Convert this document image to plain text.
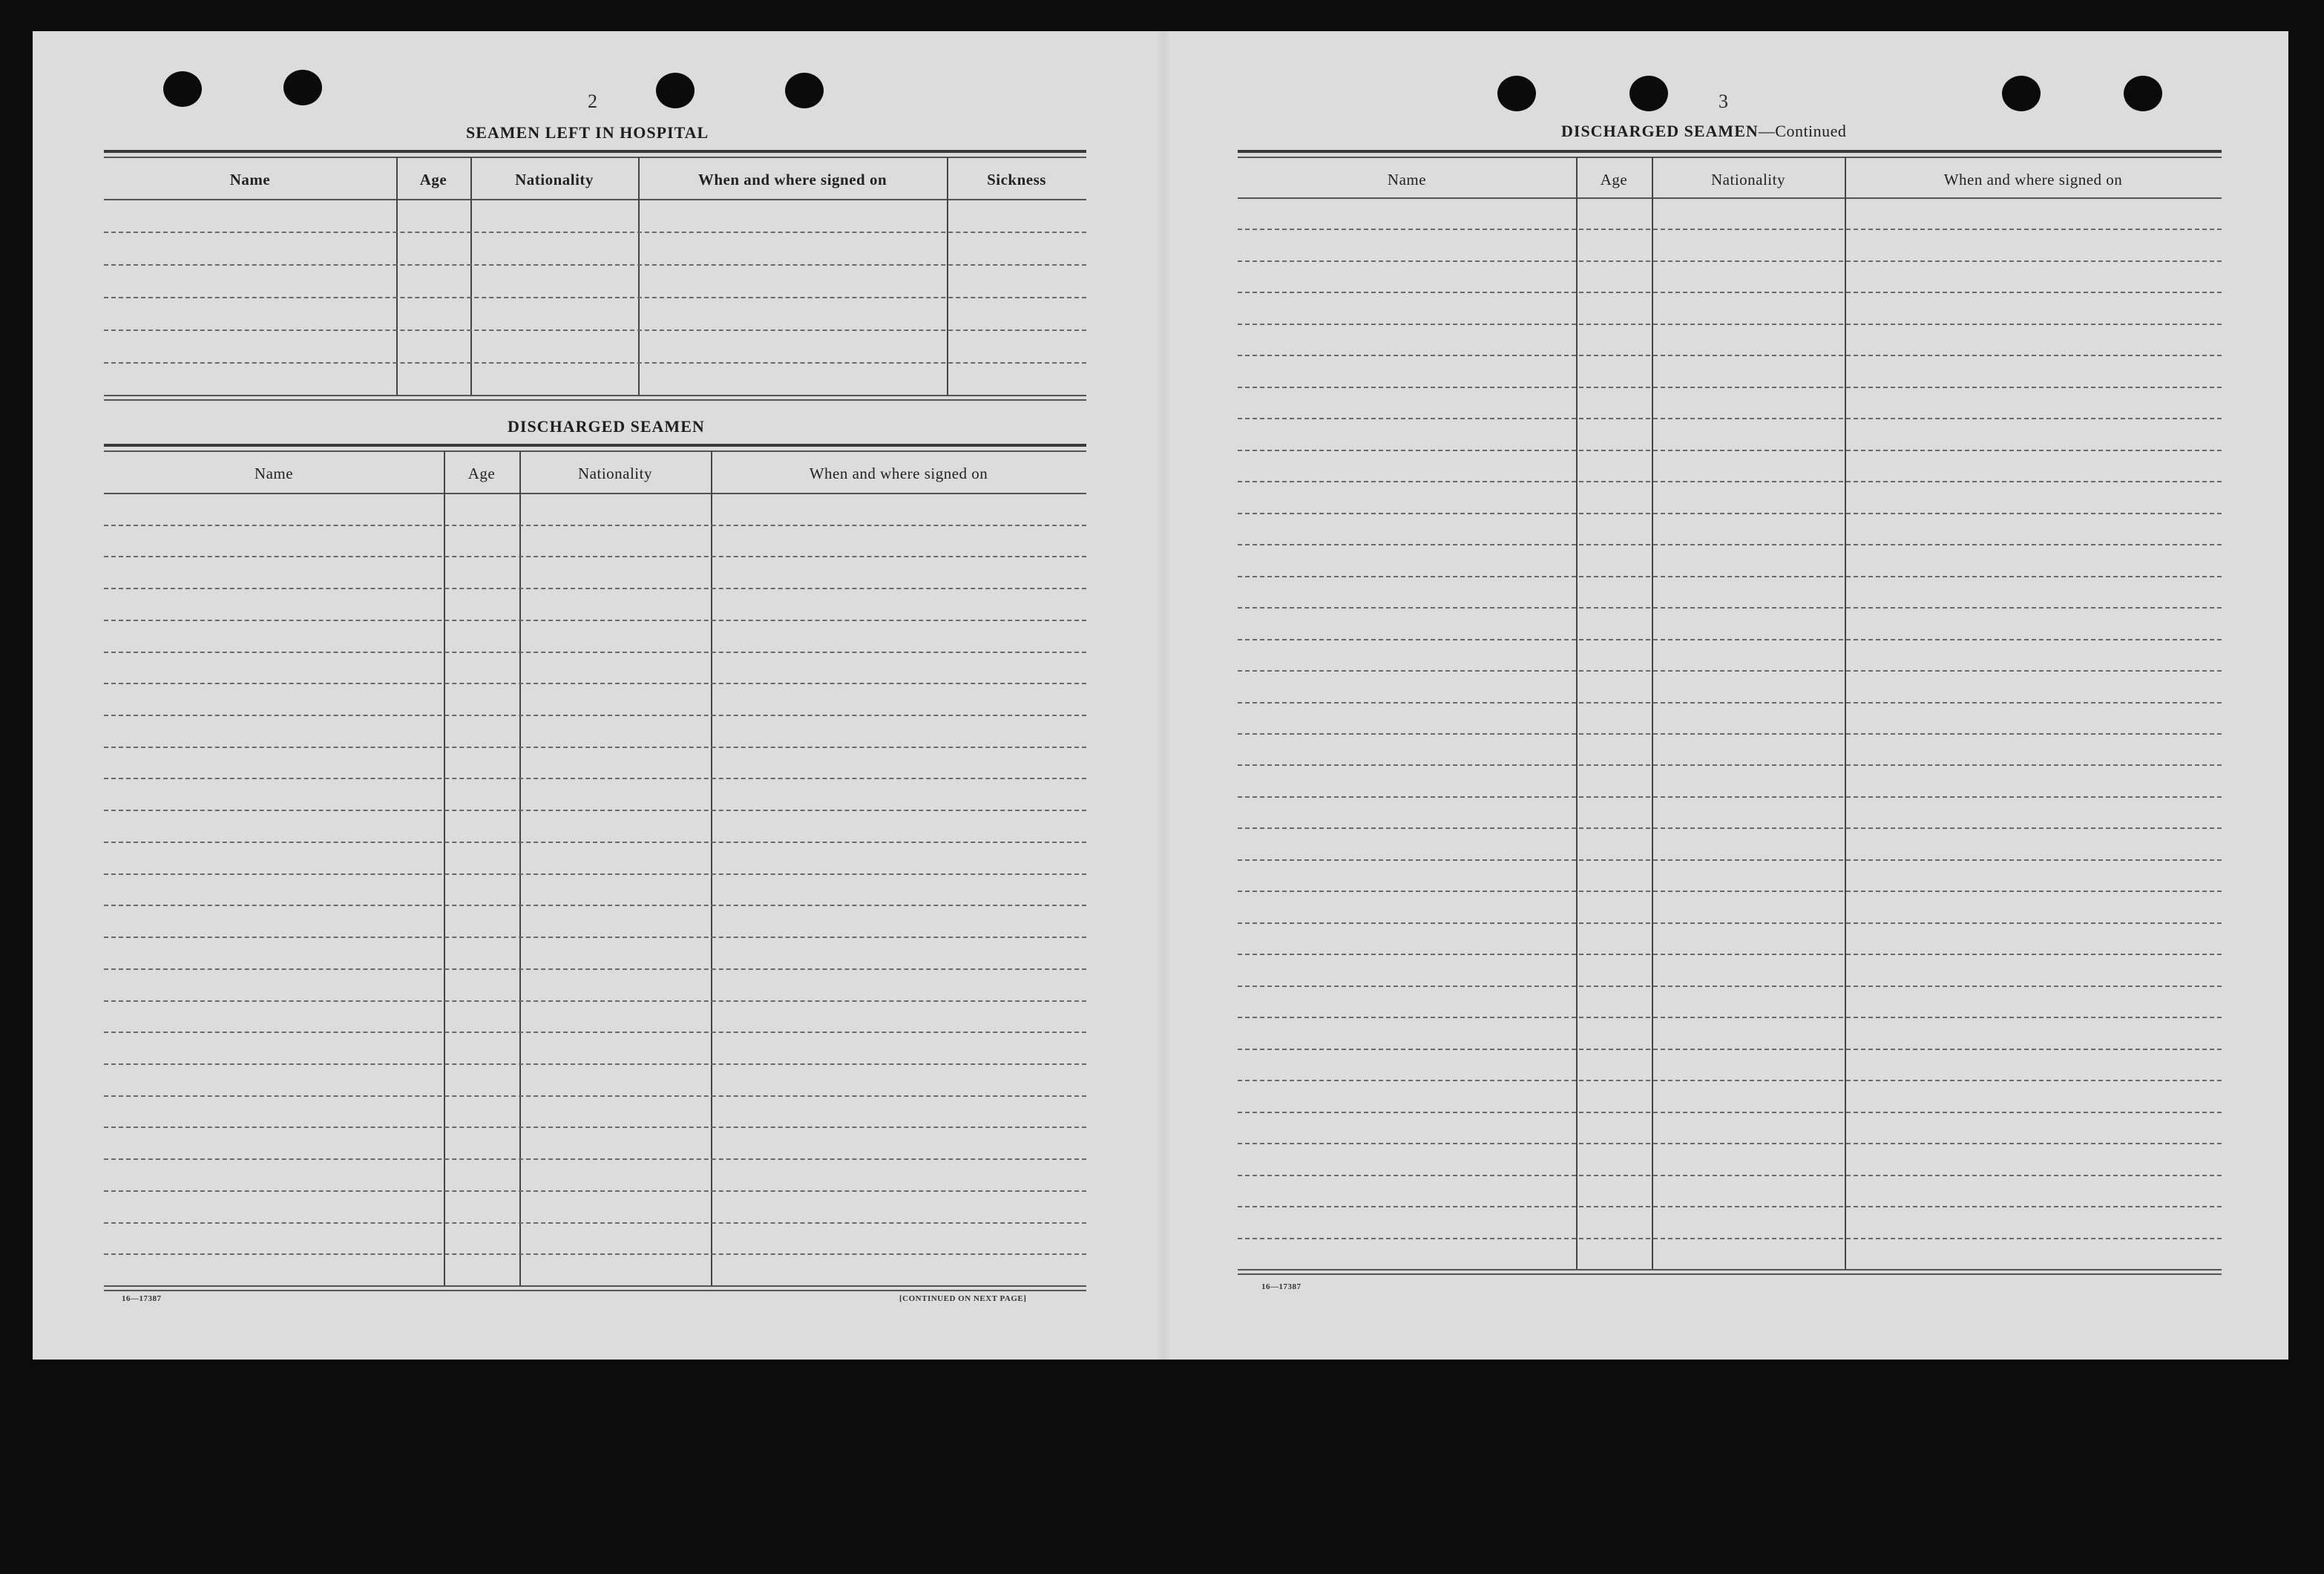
2
SEAMEN LEFT IN HOSPITAL
DISCHARGED SEAMEN
16—17387	[CONTINUED ON NEXT PAGE]
3
DISCHARGED SEAMEN—Continued
16—17387
Name	Age	Nationality	When and where signed on	Sickness
Name	Age	Nationality	When and where signed on
Name	Age	Nationality	When and where signed on
